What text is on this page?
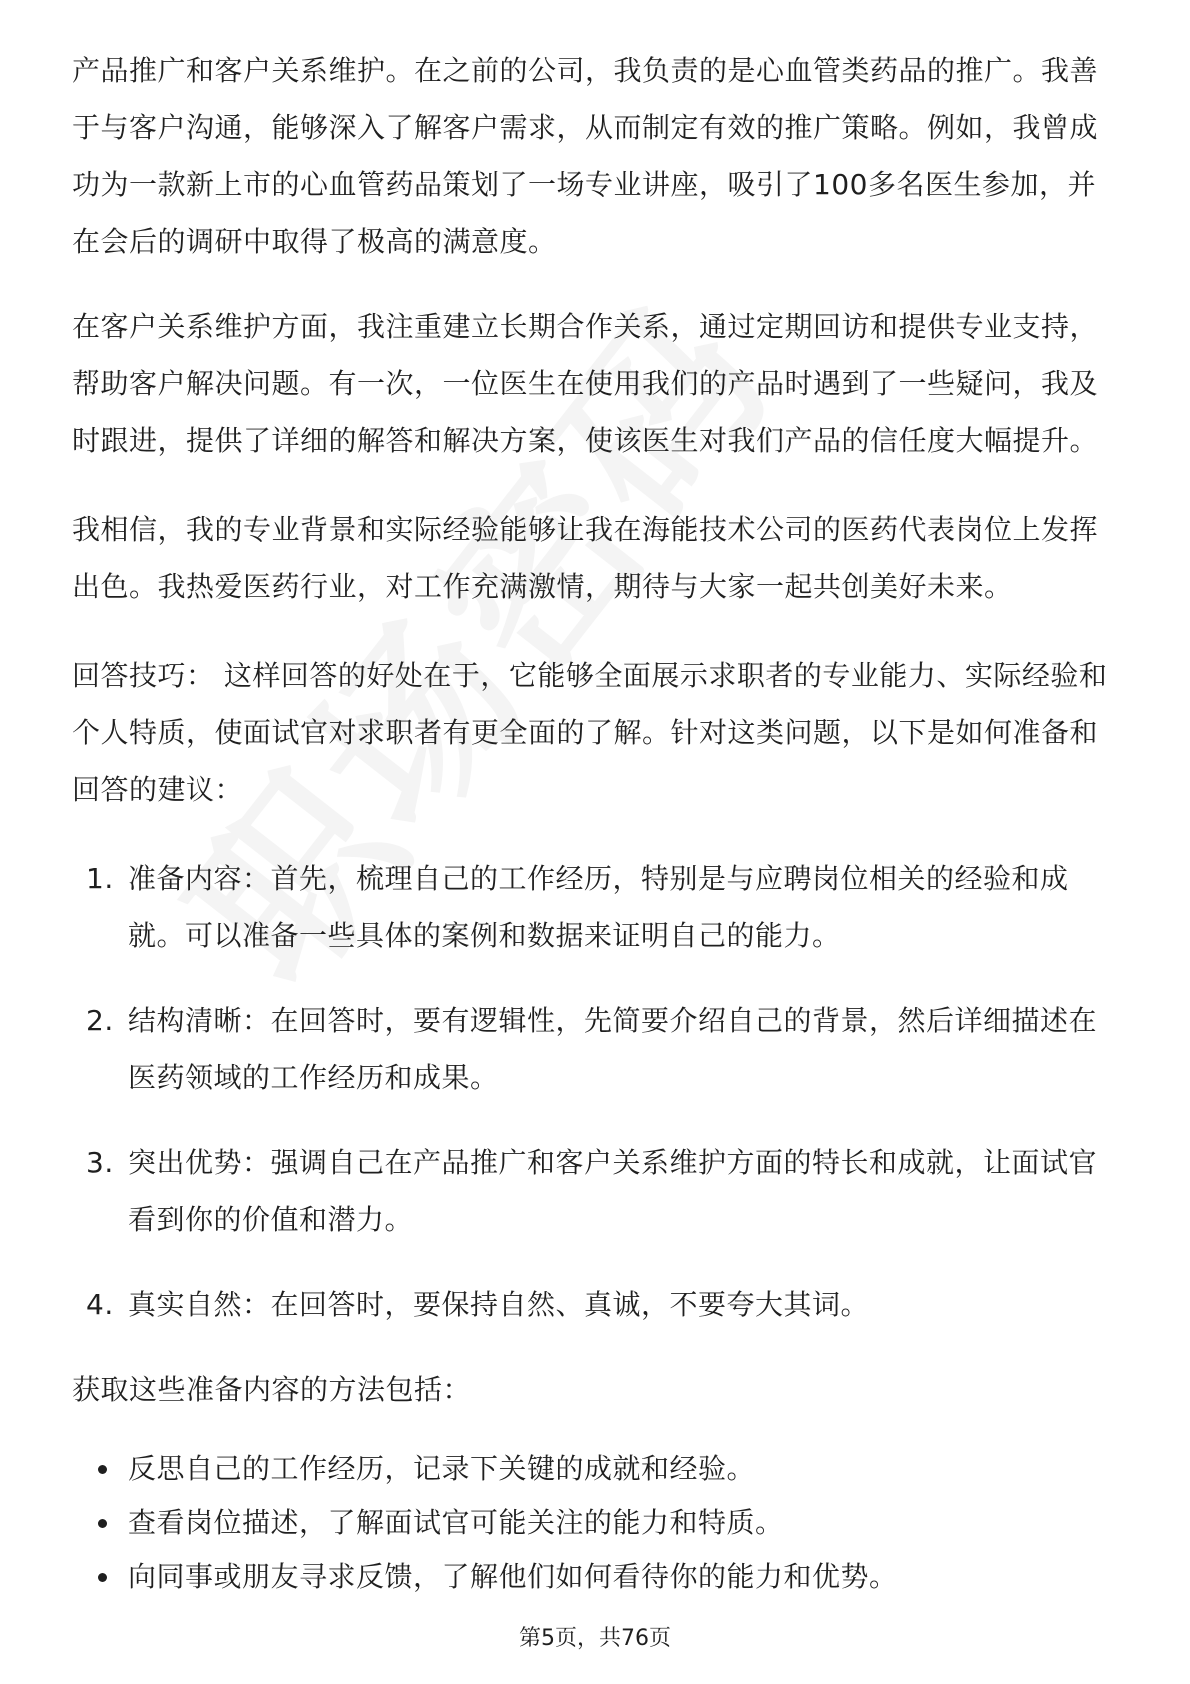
产品推广和客户关系维护。在之前的公司，我负责的是心血管类药品的推广。我善于与客户沟通，能够深入了解客户需求，从而制定有效的推广策略。例如，我曾成功为一款新上市的心血管药品策划了一场专业讲座，吸引了100多名医生参加，并在会后的调研中取得了极高的满意度。

在客户关系维护方面，我注重建立长期合作关系，通过定期回访和提供专业支持，帮助客户解决问题。有一次，一位医生在使用我们的产品时遇到了一些疑问，我及时跟进，提供了详细的解答和解决方案，使该医生对我们产品的信任度大幅提升。

我相信，我的专业背景和实际经验能够让我在海能技术公司的医药代表岗位上发挥出色。我热爱医药行业，对工作充满激情，期待与大家一起共创美好未来。

回答技巧： 这样回答的好处在于，它能够全面展示求职者的专业能力、实际经验和个人特质，使面试官对求职者有更全面的了解。针对这类问题，以下是如何准备和回答的建议：

1. 准备内容：首先，梳理自己的工作经历，特别是与应聘岗位相关的经验和成就。可以准备一些具体的案例和数据来证明自己的能力。
2. 结构清晰：在回答时，要有逻辑性，先简要介绍自己的背景，然后详细描述在医药领域的工作经历和成果。
3. 突出优势：强调自己在产品推广和客户关系维护方面的特长和成就，让面试官看到你的价值和潜力。
4. 真实自然：在回答时，要保持自然、真诚，不要夸大其词。

获取这些准备内容的方法包括：

反思自己的工作经历，记录下关键的成就和经验。
查看岗位描述，了解面试官可能关注的能力和特质。
向同事或朋友寻求反馈，了解他们如何看待你的能力和优势。
第5页，共76页
